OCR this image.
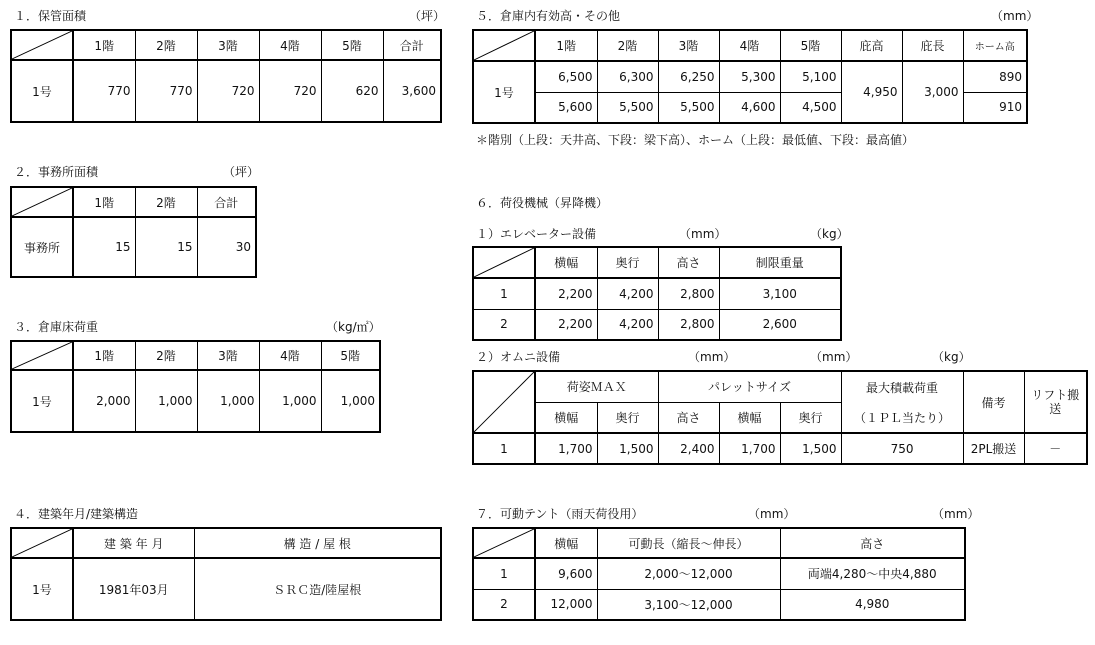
１．保管面積	（坪）
	1階	2階	3階	4階	5階	合計
1号	770	770	720	720	620	3,600
２．事務所面積	（坪）
	1階	2階	合計
事務所	15	15	30
３．倉庫床荷重	（kg/㎡）
	1階	2階	3階	4階	5階
1号	2,000	1,000	1,000	1,000	1,000
４．建築年月/建築構造
	建 築 年 月	構 造 / 屋 根
1号	1981年03月	ＳＲＣ造/陸屋根
５．倉庫内有効高・その他	（mm）
	1階	2階	3階	4階	5階	庇高	庇長	ホーム高
1号	6,500	6,300	6,250	5,300	5,100	4,950	3,000	890
	5,600	5,500	5,500	4,600	4,500			910
＊階別（上段：天井高、下段：梁下高）、ホーム（上段：最低値、下段：最高値）
６．荷役機械（昇降機）
１）エレベーター設備	（mm）	（kg）
	横幅	奥行	高さ	制限重量
1	2,200	4,200	2,800	3,100
2	2,200	4,200	2,800	2,600
２）オムニ設備	（mm）	（mm）	（kg）
	荷姿ＭＡＸ		パレットサイズ			最大積載荷重	備考	リフト搬送
	横幅	奥行	高さ	横幅	奥行	（１ＰＬ当たり）		
1	1,700	1,500	2,400	1,700	1,500	750	2PL搬送	－
７．可動テント（雨天荷役用）	（mm）	（mm）
	横幅	可動長（縮長～伸長）	高さ
1	9,600	2,000～12,000	両端4,280～中央4,880
2	12,000	3,100～12,000	4,980
